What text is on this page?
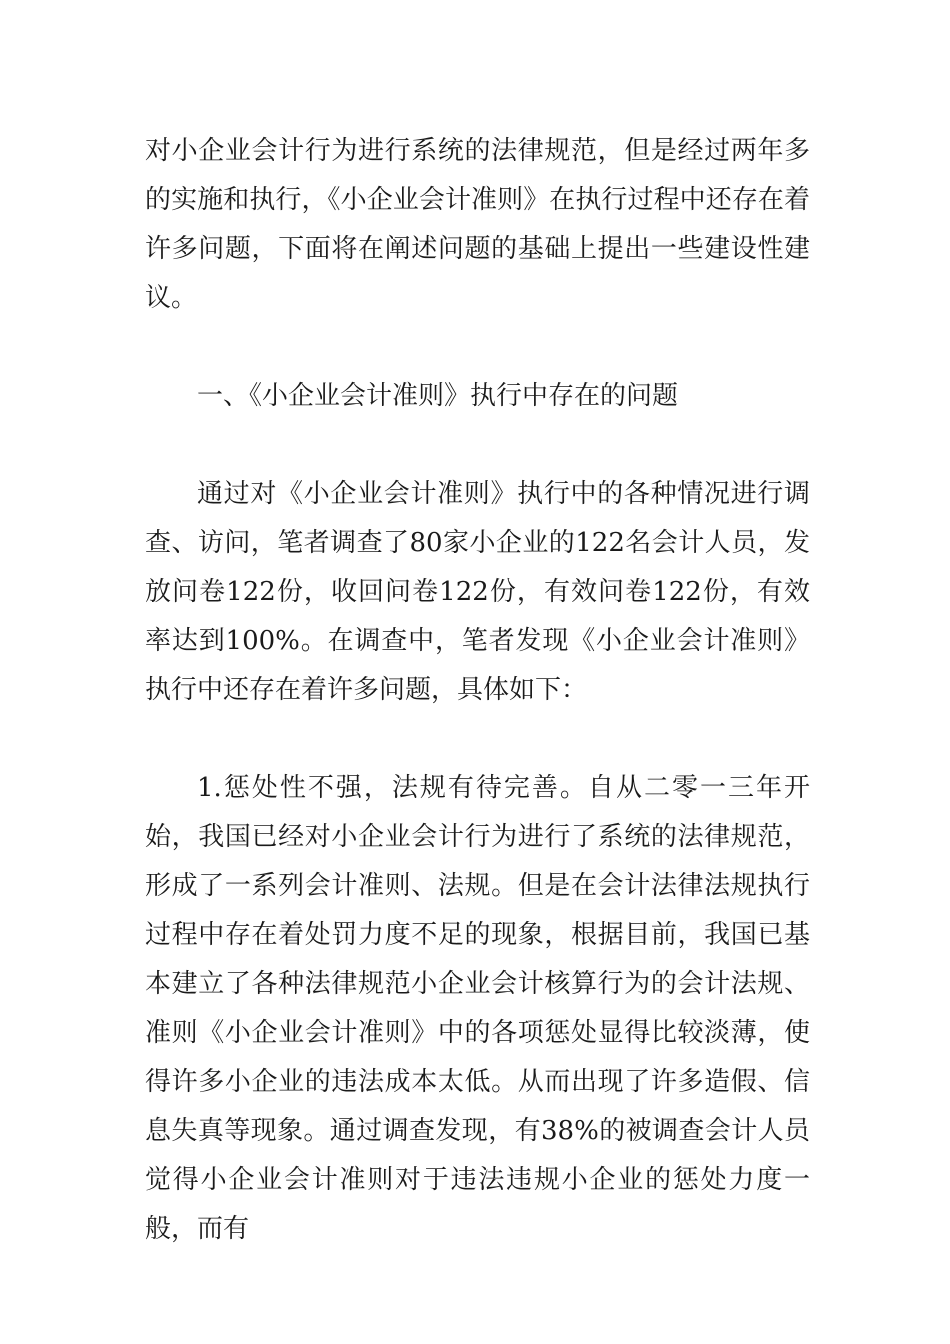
对小企业会计行为进行系统的法律规范，但是经过两年多的实施和执行，《小企业会计准则》在执行过程中还存在着许多问题，下面将在阐述问题的基础上提出一些建设性建议。

一、《小企业会计准则》执行中存在的问题

通过对《小企业会计准则》执行中的各种情况进行调查、访问，笔者调查了80家小企业的122名会计人员，发放问卷122份，收回问卷122份，有效问卷122份，有效率达到100%。在调查中，笔者发现《小企业会计准则》执行中还存在着许多问题，具体如下：

1.惩处性不强，法规有待完善。自从二零一三年开始，我国已经对小企业会计行为进行了系统的法律规范，形成了一系列会计准则、法规。但是在会计法律法规执行过程中存在着处罚力度不足的现象，根据目前，我国已基本建立了各种法律规范小企业会计核算行为的会计法规、准则《小企业会计准则》中的各项惩处显得比较淡薄，使得许多小企业的违法成本太低。从而出现了许多造假、信息失真等现象。通过调查发现，有38%的被调查会计人员觉得小企业会计准则对于违法违规小企业的惩处力度一般，而有
